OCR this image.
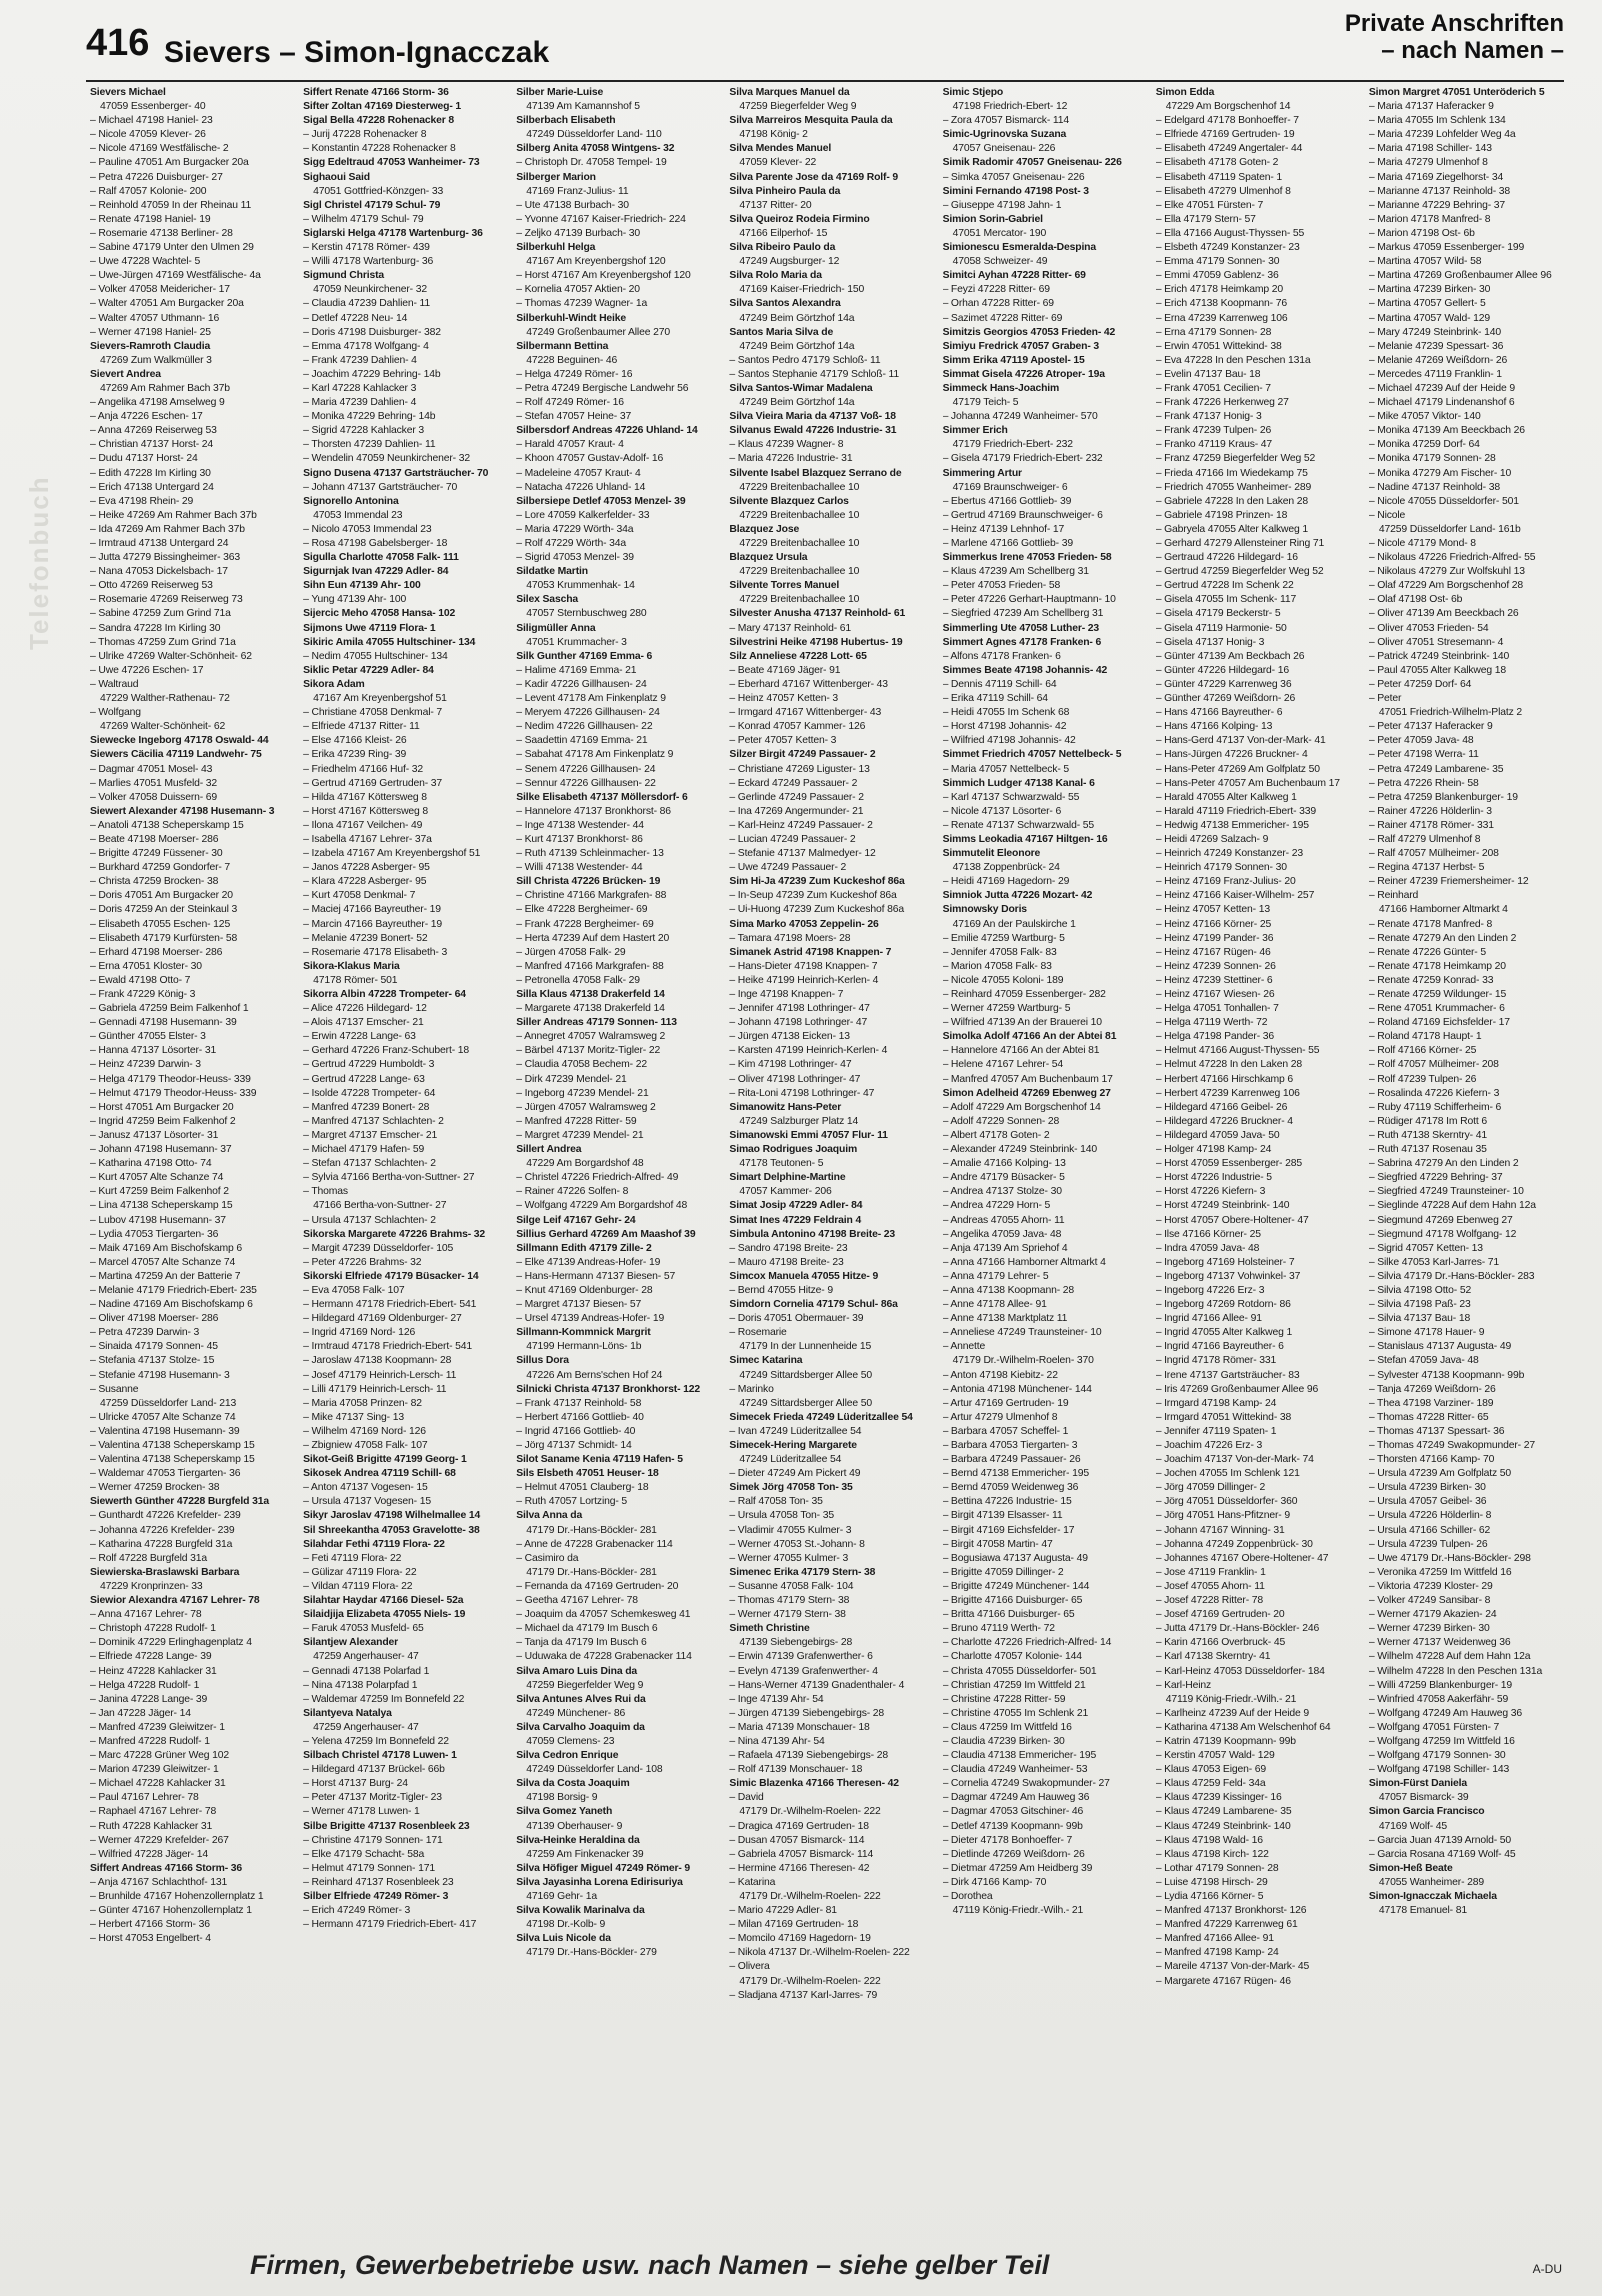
Telefonbuch
416 Sievers – Simon-Ignacczak
Private Anschriften
– nach Namen –
Sievers Michael
47059 Essenberger- 40
– Michael 47198 Haniel- 23
– Nicole 47059 Klever- 26
– Nicole 47169 Westfälische- 2
– Pauline 47051 Am Burgacker 20a
– Petra 47226 Duisburger- 27
– Ralf 47057 Kolonie- 200
– Reinhold 47059 In der Rheinau 11
– Renate 47198 Haniel- 19
– Rosemarie 47138 Berliner- 28
– Sabine 47179 Unter den Ulmen 29
– Uwe 47228 Wachtel- 5
– Uwe-Jürgen 47169 Westfälische- 4a
– Volker 47058 Meidericher- 17
– Walter 47051 Am Burgacker 20a
– Walter 47057 Uthmann- 16
– Werner 47198 Haniel- 25
Sievers-Ramroth Claudia
47269 Zum Walkmüller 3
Sievert Andrea
47269 Am Rahmer Bach 37b
– Angelika 47198 Amselweg 9
– Anja 47226 Eschen- 17
– Anna 47269 Reiserweg 53
– Christian 47137 Horst- 24
– Dudu 47137 Horst- 24
– Edith 47228 Im Kirling 30
– Erich 47138 Untergard 24
– Eva 47198 Rhein- 29
– Heike 47269 Am Rahmer Bach 37b
– Ida 47269 Am Rahmer Bach 37b
– Irmtraud 47138 Untergard 24
– Jutta 47279 Bissingheimer- 363
– Nana 47053 Dickelsbach- 17
– Otto 47269 Reiserweg 53
– Rosemarie 47269 Reiserweg 73
– Sabine 47259 Zum Grind 71a
– Sandra 47228 Im Kirling 30
– Thomas 47259 Zum Grind 71a
– Ulrike 47269 Walter-Schönheit- 62
– Uwe 47226 Eschen- 17
– Waltraud
47229 Walther-Rathenau- 72
– Wolfgang
47269 Walter-Schönheit- 62
Siewecke Ingeborg 47178 Oswald- 44
Siewers Cäcilia 47119 Landwehr- 75
– Dagmar 47051 Mosel- 43
– Marlies 47051 Musfeld- 32
– Volker 47058 Duissern- 69
Siewert Alexander 47198 Husemann- 3
– Anatoli 47138 Scheperskamp 15
– Beate 47198 Moerser- 286
– Brigitte 47249 Füssener- 30
– Burkhard 47259 Gondorfer- 7
– Christa 47259 Brocken- 38
– Doris 47051 Am Burgacker 20
– Doris 47259 An der Steinkaul 3
– Elisabeth 47055 Eschen- 125
– Elisabeth 47179 Kurfürsten- 58
– Erhard 47198 Moerser- 286
– Erna 47051 Kloster- 30
– Ewald 47198 Otto- 7
– Frank 47229 König- 3
– Gabriela 47259 Beim Falkenhof 1
– Gennadi 47198 Husemann- 39
– Günther 47055 Elster- 3
– Hanna 47137 Lösorter- 31
– Heinz 47239 Darwin- 3
– Helga 47179 Theodor-Heuss- 339
– Helmut 47179 Theodor-Heuss- 339
– Horst 47051 Am Burgacker 20
– Ingrid 47259 Beim Falkenhof 2
– Janusz 47137 Lösorter- 31
– Johann 47198 Husemann- 37
– Katharina 47198 Otto- 74
– Kurt 47057 Alte Schanze 74
– Kurt 47259 Beim Falkenhof 2
– Lina 47138 Scheperskamp 15
– Lubov 47198 Husemann- 37
– Lydia 47053 Tiergarten- 36
– Maik 47169 Am Bischofskamp 6
– Marcel 47057 Alte Schanze 74
– Martina 47259 An der Batterie 7
– Melanie 47179 Friedrich-Ebert- 235
– Nadine 47169 Am Bischofskamp 6
– Oliver 47198 Moerser- 286
– Petra 47239 Darwin- 3
– Sinaida 47179 Sonnen- 45
– Stefania 47137 Stolze- 15
– Stefanie 47198 Husemann- 3
– Susanne
47259 Düsseldorfer Land- 213
– Ulricke 47057 Alte Schanze 74
– Valentina 47198 Husemann- 39
– Valentina 47138 Scheperskamp 15
– Valentina 47138 Scheperskamp 15
– Waldemar 47053 Tiergarten- 36
– Werner 47259 Brocken- 38
Siewerth Günther 47228 Burgfeld 31a
– Gunthardt 47226 Krefelder- 239
– Johanna 47226 Krefelder- 239
– Katharina 47228 Burgfeld 31a
– Rolf 47228 Burgfeld 31a
Siewierska-Braslawski Barbara
47229 Kronprinzen- 33
Siewior Alexandra 47167 Lehrer- 78
– Anna 47167 Lehrer- 78
– Christoph 47228 Rudolf- 1
– Dominik 47229 Erlinghagenplatz 4
– Elfriede 47228 Lange- 39
– Heinz 47228 Kahlacker 31
– Helga 47228 Rudolf- 1
– Janina 47228 Lange- 39
– Jan 47228 Jäger- 14
– Manfred 47239 Gleiwitzer- 1
– Manfred 47228 Rudolf- 1
– Marc 47228 Grüner Weg 102
– Marion 47239 Gleiwitzer- 1
– Michael 47228 Kahlacker 31
– Paul 47167 Lehrer- 78
– Raphael 47167 Lehrer- 78
– Ruth 47228 Kahlacker 31
– Werner 47229 Krefelder- 267
– Wilfried 47228 Jäger- 14
Siffert Andreas 47166 Storm- 36
– Anja 47167 Schlachthof- 131
– Brunhilde 47167 Hohenzollernplatz 1
– Günter 47167 Hohenzollernplatz 1
– Herbert 47166 Storm- 36
– Horst 47053 Engelbert- 4
Siffert Renate 47166 Storm- 36
Sifter Zoltan 47169 Diesterweg- 1
Sigal Bella 47228 Rohenacker 8
– Jurij 47228 Rohenacker 8
– Konstantin 47228 Rohenacker 8
Sigg Edeltraud 47053 Wanheimer- 73
Sighaoui Said
47051 Gottfried-Könzgen- 33
Sigl Christel 47179 Schul- 79
– Wilhelm 47179 Schul- 79
Siglarski Helga 47178 Wartenburg- 36
– Kerstin 47178 Römer- 439
– Willi 47178 Wartenburg- 36
Sigmund Christa
47059 Neunkirchener- 32
– Claudia 47239 Dahlien- 11
– Detlef 47228 Neu- 14
– Doris 47198 Duisburger- 382
– Emma 47178 Wolfgang- 4
– Frank 47239 Dahlien- 4
– Joachim 47229 Behring- 14b
– Karl 47228 Kahlacker 3
– Maria 47239 Dahlien- 4
– Monika 47229 Behring- 14b
– Sigrid 47228 Kahlacker 3
– Thorsten 47239 Dahlien- 11
– Wendelin 47059 Neunkirchener- 32
Signo Dusena 47137 Gartsträucher- 70
– Johann 47137 Gartsträucher- 70
Signorello Antonina
47053 Immendal 23
– Nicolo 47053 Immendal 23
– Rosa 47198 Gabelsberger- 18
Sigulla Charlotte 47058 Falk- 111
Sigurnjak Ivan 47229 Adler- 84
Sihn Eun 47139 Ahr- 100
– Yung 47139 Ahr- 100
Sijercic Meho 47058 Hansa- 102
Sijmons Uwe 47119 Flora- 1
Sikiric Amila 47055 Hultschiner- 134
– Nedim 47055 Hultschiner- 134
Siklic Petar 47229 Adler- 84
Sikora Adam
47167 Am Kreyenbergshof 51
– Christiane 47058 Denkmal- 7
– Elfriede 47137 Ritter- 11
– Else 47166 Kleist- 26
– Erika 47239 Ring- 39
– Friedhelm 47166 Huf- 32
– Gertrud 47169 Gertruden- 37
– Hilda 47167 Köttersweg 8
– Horst 47167 Köttersweg 8
– Ilona 47167 Veilchen- 49
– Isabella 47167 Lehrer- 37a
– Izabela 47167 Am Kreyenbergshof 51
– Janos 47228 Asberger- 95
– Klara 47228 Asberger- 95
– Kurt 47058 Denkmal- 7
– Maciej 47166 Bayreuther- 19
– Marcin 47166 Bayreuther- 19
– Melanie 47239 Bonert- 52
– Rosemarie 47178 Elisabeth- 3
Sikora-Klakus Maria
47178 Römer- 501
Sikorra Albin 47228 Trompeter- 64
– Alice 47226 Hildegard- 12
– Alois 47137 Emscher- 21
– Erwin 47228 Lange- 63
– Gerhard 47226 Franz-Schubert- 18
– Gertrud 47229 Humboldt- 3
– Gertrud 47228 Lange- 63
– Isolde 47228 Trompeter- 64
– Manfred 47239 Bonert- 28
– Manfred 47137 Schlachten- 2
– Margret 47137 Emscher- 21
– Michael 47179 Hafen- 59
– Stefan 47137 Schlachten- 2
– Sylvia 47166 Bertha-von-Suttner- 27
– Thomas
47166 Bertha-von-Suttner- 27
– Ursula 47137 Schlachten- 2
Sikorska Margarete 47226 Brahms- 32
– Margit 47239 Düsseldorfer- 105
– Peter 47226 Brahms- 32
Sikorski Elfriede 47179 Büsacker- 14
– Eva 47058 Falk- 107
– Hermann 47178 Friedrich-Ebert- 541
– Hildegard 47169 Oldenburger- 27
– Ingrid 47169 Nord- 126
– Irmtraud 47178 Friedrich-Ebert- 541
– Jaroslaw 47138 Koopmann- 28
– Josef 47179 Heinrich-Lersch- 11
– Lilli 47179 Heinrich-Lersch- 11
– Maria 47058 Prinzen- 82
– Mike 47137 Sing- 13
– Wilhelm 47169 Nord- 126
– Zbigniew 47058 Falk- 107
Sikot-Geiß Brigitte 47199 Georg- 1
Sikosek Andrea 47119 Schill- 68
– Anton 47137 Vogesen- 15
– Ursula 47137 Vogesen- 15
Sikyr Jaroslav 47198 Wilhelmallee 14
Sil Shreekantha 47053 Gravelotte- 38
Silahdar Fethi 47119 Flora- 22
– Feti 47119 Flora- 22
– Gülizar 47119 Flora- 22
– Vildan 47119 Flora- 22
Silahtar Haydar 47166 Diesel- 52a
Silaidjija Elizabeta 47055 Niels- 19
– Faruk 47053 Musfeld- 65
Silantjew Alexander
47259 Angerhauser- 47
– Gennadi 47138 Polarfad 1
– Nina 47138 Polarpfad 1
– Waldemar 47259 Im Bonnefeld 22
Silantyeva Natalya
47259 Angerhauser- 47
– Yelena 47259 Im Bonnefeld 22
Silbach Christel 47178 Luwen- 1
– Hildegard 47137 Brückel- 66b
– Horst 47137 Burg- 24
– Peter 47137 Moritz-Tigler- 23
– Werner 47178 Luwen- 1
Silbe Brigitte 47137 Rosenbleek 23
– Christine 47179 Sonnen- 171
– Elke 47179 Schacht- 58a
– Helmut 47179 Sonnen- 171
– Reinhard 47137 Rosenbleek 23
Silber Elfriede 47249 Römer- 3
– Erich 47249 Römer- 3
– Hermann 47179 Friedrich-Ebert- 417
Silber Marie-Luise
47139 Am Kamannshof 5
Silberbach Elisabeth
47249 Düsseldorfer Land- 110
Silberg Anita 47058 Wintgens- 32
– Christoph Dr. 47058 Tempel- 19
Silberger Marion
47169 Franz-Julius- 11
– Ute 47138 Burbach- 30
– Yvonne 47167 Kaiser-Friedrich- 224
– Zeljko 47139 Burbach- 30
Silberkuhl Helga
47167 Am Kreyenbergshof 120
– Horst 47167 Am Kreyenbergshof 120
– Kornelia 47057 Aktien- 20
– Thomas 47239 Wagner- 1a
Silberkuhl-Windt Heike
47249 Großenbaumer Allee 270
Silbermann Bettina
47228 Beguinen- 46
– Helga 47249 Römer- 16
– Petra 47249 Bergische Landwehr 56
– Rolf 47249 Römer- 16
– Stefan 47057 Heine- 37
Silbersdorf Andreas 47226 Uhland- 14
– Harald 47057 Kraut- 4
– Khoon 47057 Gustav-Adolf- 16
– Madeleine 47057 Kraut- 4
– Natacha 47226 Uhland- 14
Silbersiepe Detlef 47053 Menzel- 39
– Lore 47059 Kalkerfelder- 33
– Maria 47229 Wörth- 34a
– Rolf 47229 Wörth- 34a
– Sigrid 47053 Menzel- 39
Sildatke Martin
47053 Krummenhak- 14
Silex Sascha
47057 Sternbuschweg 280
Siligmüller Anna
47051 Krummacher- 3
Silk Gunther 47169 Emma- 6
– Halime 47169 Emma- 21
– Kadir 47226 Gillhausen- 24
– Levent 47178 Am Finkenplatz 9
– Meryem 47226 Gillhausen- 24
– Nedim 47226 Gillhausen- 22
– Saadettin 47169 Emma- 21
– Sabahat 47178 Am Finkenplatz 9
– Senem 47226 Gillhausen- 24
– Sennur 47226 Gillhausen- 22
Silke Elisabeth 47137 Möllersdorf- 6
– Hannelore 47137 Bronkhorst- 86
– Inge 47138 Westender- 44
– Kurt 47137 Bronkhorst- 86
– Ruth 47139 Schleinmacher- 13
– Willi 47138 Westender- 44
Sill Christa 47226 Brücken- 19
– Christine 47166 Markgrafen- 88
– Elke 47228 Bergheimer- 69
– Frank 47228 Bergheimer- 69
– Herta 47239 Auf dem Hastert 20
– Jürgen 47058 Falk- 29
– Manfred 47166 Markgrafen- 88
– Petronella 47058 Falk- 29
Silla Klaus 47138 Drakerfeld 14
– Margarete 47138 Drakerfeld 14
Siller Andreas 47179 Sonnen- 113
– Annegret 47057 Walramsweg 2
– Bärbel 47137 Moritz-Tigler- 22
– Claudia 47058 Bechem- 22
– Dirk 47239 Mendel- 21
– Ingeborg 47239 Mendel- 21
– Jürgen 47057 Walramsweg 2
– Manfred 47228 Ritter- 59
– Margret 47239 Mendel- 21
Sillert Andrea
47229 Am Borgardshof 48
– Christel 47226 Friedrich-Alfred- 49
– Rainer 47226 Solfen- 8
– Wolfgang 47229 Am Borgardshof 48
Silge Leif 47167 Gehr- 24
Sillius Gerhard 47269 Am Maashof 39
Sillmann Edith 47179 Zille- 2
– Elke 47139 Andreas-Hofer- 19
– Hans-Hermann 47137 Biesen- 57
– Knut 47169 Oldenburger- 28
– Margret 47137 Biesen- 57
– Ursel 47139 Andreas-Hofer- 19
Sillmann-Kommnick Margrit
47199 Hermann-Löns- 1b
Sillus Dora
47226 Am Berns'schen Hof 24
Silnicki Christa 47137 Bronkhorst- 122
– Frank 47137 Reinhold- 58
– Herbert 47166 Gottlieb- 40
– Ingrid 47166 Gottlieb- 40
– Jörg 47137 Schmidt- 14
Silot Saname Kenia 47119 Hafen- 5
Sils Elsbeth 47051 Heuser- 18
– Helmut 47051 Clauberg- 18
– Ruth 47057 Lortzing- 5
Silva Anna da
47179 Dr.-Hans-Böckler- 281
– Anne de 47228 Grabenacker 114
– Casimiro da
47179 Dr.-Hans-Böckler- 281
– Fernanda da 47169 Gertruden- 20
– Geetha 47167 Lehrer- 78
– Joaquim da 47057 Schemkesweg 41
– Michael da 47179 Im Busch 6
– Tanja da 47179 Im Busch 6
– Uduwaka de 47228 Grabenacker 114
Silva Amaro Luis Dina da
47259 Biegerfelder Weg 9
Silva Antunes Alves Rui da
47249 Münchener- 86
Silva Carvalho Joaquim da
47059 Clemens- 23
Silva Cedron Enrique
47249 Düsseldorfer Land- 108
Silva da Costa Joaquim
47198 Borsig- 9
Silva Gomez Yaneth
47139 Oberhauser- 9
Silva-Heinke Heraldina da
47259 Am Finkenacker 39
Silva Höfiger Miguel 47249 Römer- 9
Silva Jayasinha Lorena Edirisuriya
47169 Gehr- 1a
Silva Kowalik Marinalva da
47198 Dr.-Kolb- 9
Silva Luis Nicole da
47179 Dr.-Hans-Böckler- 279
Silva Marques Manuel da
47259 Biegerfelder Weg 9
Silva Marreiros Mesquita Paula da
47198 König- 2
Silva Mendes Manuel
47059 Klever- 22
Silva Parente Jose da 47169 Rolf- 9
Silva Pinheiro Paula da
47137 Ritter- 20
Silva Queiroz Rodeia Firmino
47166 Eilperhof- 15
Silva Ribeiro Paulo da
47249 Augsburger- 12
Silva Rolo Maria da
47169 Kaiser-Friedrich- 150
Silva Santos Alexandra
47249 Beim Görtzhof 14a
Santos Maria Silva de
47249 Beim Görtzhof 14a
– Santos Pedro 47179 Schloß- 11
– Santos Stephanie 47179 Schloß- 11
Silva Santos-Wimar Madalena
47249 Beim Görtzhof 14a
Silva Vieira Maria da 47137 Voß- 18
Silvanus Ewald 47226 Industrie- 31
– Klaus 47239 Wagner- 8
– Maria 47226 Industrie- 31
Silvente Isabel Blazquez Serrano de
47229 Breitenbachallee 10
Silvente Blazquez Carlos
47229 Breitenbachallee 10
Blazquez Jose
47229 Breitenbachallee 10
Blazquez Ursula
47229 Breitenbachallee 10
Silvente Torres Manuel
47229 Breitenbachallee 10
Silvester Anusha 47137 Reinhold- 61
– Mary 47137 Reinhold- 61
Silvestrini Heike 47198 Hubertus- 19
Silz Anneliese 47228 Lott- 65
– Beate 47169 Jäger- 91
– Eberhard 47167 Wittenberger- 43
– Heinz 47057 Ketten- 3
– Irmgard 47167 Wittenberger- 43
– Konrad 47057 Kammer- 126
– Peter 47057 Ketten- 3
Silzer Birgit 47249 Passauer- 2
– Christiane 47269 Liguster- 13
– Eckard 47249 Passauer- 2
– Gerlinde 47249 Passauer- 2
– Ina 47269 Angermunder- 21
– Karl-Heinz 47249 Passauer- 2
– Lucian 47249 Passauer- 2
– Stefanie 47137 Malmedyer- 12
– Uwe 47249 Passauer- 2
Sim Hi-Ja 47239 Zum Kuckeshof 86a
– In-Seup 47239 Zum Kuckeshof 86a
– Ui-Huong 47239 Zum Kuckeshof 86a
Sima Marko 47053 Zeppelin- 26
– Tamara 47198 Moers- 28
Simanek Astrid 47198 Knappen- 7
– Hans-Dieter 47198 Knappen- 7
– Heike 47199 Heinrich-Kerlen- 4
– Inge 47198 Knappen- 7
– Jennifer 47198 Lothringer- 47
– Johann 47198 Lothringer- 47
– Jürgen 47138 Eicken- 13
– Karsten 47199 Heinrich-Kerlen- 4
– Kim 47198 Lothringer- 47
– Oliver 47198 Lothringer- 47
– Rita-Loni 47198 Lothringer- 47
Simanowitz Hans-Peter
47249 Salzburger Platz 14
Simanowski Emmi 47057 Flur- 11
Simao Rodrigues Joaquim
47178 Teutonen- 5
Simart Delphine-Martine
47057 Kammer- 206
Simat Josip 47229 Adler- 84
Simat Ines 47229 Feldrain 4
Simbula Antonino 47198 Breite- 23
– Sandro 47198 Breite- 23
– Mauro 47198 Breite- 23
Simcox Manuela 47055 Hitze- 9
– Bernd 47055 Hitze- 9
Simdorn Cornelia 47179 Schul- 86a
– Doris 47051 Obermauer- 39
– Rosemarie
47179 In der Lunnenheide 15
Simec Katarina
47249 Sittardsberger Allee 50
– Marinko
47249 Sittardsberger Allee 50
Simecek Frieda 47249 Lüderitzallee 54
– Ivan 47249 Lüderitzallee 54
Simecek-Hering Margarete
47249 Lüderitzallee 54
– Dieter 47249 Am Pickert 49
Simek Jörg 47058 Ton- 35
– Ralf 47058 Ton- 35
– Ursula 47058 Ton- 35
– Vladimir 47055 Kulmer- 3
– Werner 47053 St.-Johann- 8
– Werner 47055 Kulmer- 3
Simenec Erika 47179 Stern- 38
– Susanne 47058 Falk- 104
– Thomas 47179 Stern- 38
– Werner 47179 Stern- 38
Simeth Christine
47139 Siebengebirgs- 28
– Erwin 47139 Grafenwerther- 6
– Evelyn 47139 Grafenwerther- 4
– Hans-Werner 47139 Gnadenthaler- 4
– Inge 47139 Ahr- 54
– Jürgen 47139 Siebengebirgs- 28
– Maria 47139 Monschauer- 18
– Nina 47139 Ahr- 54
– Rafaela 47139 Siebengebirgs- 28
– Rolf 47139 Monschauer- 18
Simic Blazenka 47166 Theresen- 42
– David
47179 Dr.-Wilhelm-Roelen- 222
– Dragica 47169 Gertruden- 18
– Dusan 47057 Bismarck- 114
– Gabriela 47057 Bismarck- 114
– Hermine 47166 Theresen- 42
– Katarina
47179 Dr.-Wilhelm-Roelen- 222
– Mario 47229 Adler- 81
– Milan 47169 Gertruden- 18
– Momcilo 47169 Hagedorn- 19
– Nikola 47137 Dr.-Wilhelm-Roelen- 222
– Olivera
47179 Dr.-Wilhelm-Roelen- 222
– Sladjana 47137 Karl-Jarres- 79
Simic Stjepo
47198 Friedrich-Ebert- 12
– Zora 47057 Bismarck- 114
Simic-Ugrinovska Suzana
47057 Gneisenau- 226
Simik Radomir 47057 Gneisenau- 226
– Simka 47057 Gneisenau- 226
Simini Fernando 47198 Post- 3
– Giuseppe 47198 Jahn- 1
Simion Sorin-Gabriel
47051 Mercator- 190
Simionescu Esmeralda-Despina
47058 Schweizer- 49
Simitci Ayhan 47228 Ritter- 69
– Feyzi 47228 Ritter- 69
– Orhan 47228 Ritter- 69
– Sazimet 47228 Ritter- 69
Simitzis Georgios 47053 Frieden- 42
Simiyu Fredrick 47057 Graben- 3
Simm Erika 47119 Apostel- 15
Simmat Gisela 47226 Atroper- 19a
Simmeck Hans-Joachim
47179 Teich- 5
– Johanna 47249 Wanheimer- 570
Simmer Erich
47179 Friedrich-Ebert- 232
– Gisela 47179 Friedrich-Ebert- 232
Simmering Artur
47169 Braunschweiger- 6
– Ebertus 47166 Gottlieb- 39
– Gertrud 47169 Braunschweiger- 6
– Heinz 47139 Lehnhof- 17
– Marlene 47166 Gottlieb- 39
Simmerkus Irene 47053 Frieden- 58
– Klaus 47239 Am Schellberg 31
– Peter 47053 Frieden- 58
– Peter 47226 Gerhart-Hauptmann- 10
– Siegfried 47239 Am Schellberg 31
Simmerling Ute 47058 Luther- 23
Simmert Agnes 47178 Franken- 6
– Alfons 47178 Franken- 6
Simmes Beate 47198 Johannis- 42
– Dennis 47119 Schill- 64
– Erika 47119 Schill- 64
– Heidi 47055 Im Schenk 68
– Horst 47198 Johannis- 42
– Wilfried 47198 Johannis- 42
Simmet Friedrich 47057 Nettelbeck- 5
– Maria 47057 Nettelbeck- 5
Simmich Ludger 47138 Kanal- 6
– Karl 47137 Schwarzwald- 55
– Nicole 47137 Lösorter- 6
– Renate 47137 Schwarzwald- 55
Simms Leokadia 47167 Hiltgen- 16
Simmutelit Eleonore
47138 Zoppenbrück- 24
– Heidi 47169 Hagedorn- 29
Simniok Jutta 47226 Mozart- 42
Simnowsky Doris
47169 An der Paulskirche 1
– Emilie 47259 Wartburg- 5
– Jennifer 47058 Falk- 83
– Marion 47058 Falk- 83
– Nicole 47055 Koloni- 189
– Reinhard 47059 Essenberger- 282
– Werner 47259 Wartburg- 5
– Wilfried 47139 An der Brauerei 10
Simolka Adolf 47166 An der Abtei 81
– Hannelore 47166 An der Abtei 81
– Helene 47167 Lehrer- 54
– Manfred 47057 Am Buchenbaum 17
Simon Adelheid 47269 Ebenweg 27
– Adolf 47229 Am Borgschenhof 14
– Adolf 47229 Sonnen- 28
– Albert 47178 Goten- 2
– Alexander 47249 Steinbrink- 140
– Amalie 47166 Kolping- 13
– Andre 47179 Büsacker- 5
– Andrea 47137 Stolze- 30
– Andrea 47229 Horn- 5
– Andreas 47055 Ahorn- 11
– Angelika 47059 Java- 48
– Anja 47139 Am Spriehof 4
– Anna 47166 Hamborner Altmarkt 4
– Anna 47179 Lehrer- 5
– Anna 47138 Koopmann- 28
– Anne 47178 Allee- 91
– Anne 47138 Marktplatz 11
– Anneliese 47249 Traunsteiner- 10
– Annette
47179 Dr.-Wilhelm-Roelen- 370
– Anton 47198 Kiebitz- 22
– Antonia 47198 Münchener- 144
– Artur 47169 Gertruden- 19
– Artur 47279 Ulmenhof 8
– Barbara 47057 Scheffel- 1
– Barbara 47053 Tiergarten- 3
– Barbara 47249 Passauer- 26
– Bernd 47138 Emmericher- 195
– Bernd 47059 Weidenweg 36
– Bettina 47226 Industrie- 15
– Birgit 47139 Elsasser- 11
– Birgit 47169 Eichsfelder- 17
– Birgit 47058 Martin- 47
– Bogusiawa 47137 Augusta- 49
– Brigitte 47059 Dillinger- 2
– Brigitte 47249 Münchener- 144
– Brigitte 47166 Duisburger- 65
– Britta 47166 Duisburger- 65
– Bruno 47119 Werth- 72
– Charlotte 47226 Friedrich-Alfred- 14
– Charlotte 47057 Kolonie- 144
– Christa 47055 Düsseldorfer- 501
– Christian 47259 Im Wittfeld 21
– Christine 47228 Ritter- 59
– Christine 47055 Im Schlenk 21
– Claus 47259 Im Wittfeld 16
– Claudia 47239 Birken- 30
– Claudia 47138 Emmericher- 195
– Claudia 47249 Wanheimer- 53
– Cornelia 47249 Swakopmunder- 27
– Dagmar 47249 Am Hauweg 36
– Dagmar 47053 Gitschiner- 46
– Detlef 47139 Koopmann- 99b
– Dieter 47178 Bonhoeffer- 7
– Dietlinde 47269 Weißdorn- 26
– Dietmar 47259 Am Heidberg 39
– Dirk 47166 Kamp- 70
– Dorothea
47119 König-Friedr.-Wilh.- 21
Simon Edda
47229 Am Borgschenhof 14
– Edelgard 47178 Bonhoeffer- 7
– Elfriede 47169 Gertruden- 19
– Elisabeth 47249 Angertaler- 44
– Elisabeth 47178 Goten- 2
– Elisabeth 47119 Spaten- 1
– Elisabeth 47279 Ulmenhof 8
– Elke 47051 Fürsten- 7
– Ella 47179 Stern- 57
– Ella 47166 August-Thyssen- 55
– Elsbeth 47249 Konstanzer- 23
– Emma 47179 Sonnen- 30
– Emmi 47059 Gablenz- 36
– Erich 47178 Heimkamp 20
– Erich 47138 Koopmann- 76
– Erna 47239 Karrenweg 106
– Erna 47179 Sonnen- 28
– Erwin 47051 Wittekind- 38
– Eva 47228 In den Peschen 131a
– Evelin 47137 Bau- 18
– Frank 47051 Cecilien- 7
– Frank 47226 Herkenweg 27
– Frank 47137 Honig- 3
– Frank 47239 Tulpen- 26
– Franko 47119 Kraus- 47
– Franz 47259 Biegerfelder Weg 52
– Frieda 47166 Im Wiedekamp 75
– Friedrich 47055 Wanheimer- 289
– Gabriele 47228 In den Laken 28
– Gabriele 47198 Prinzen- 18
– Gabryela 47055 Alter Kalkweg 1
– Gerhard 47279 Allensteiner Ring 71
– Gertraud 47226 Hildegard- 16
– Gertrud 47259 Biegerfelder Weg 52
– Gertrud 47228 Im Schenk 22
– Gisela 47055 Im Schenk- 117
– Gisela 47179 Beckerstr- 5
– Gisela 47119 Harmonie- 50
– Gisela 47137 Honig- 3
– Günter 47139 Am Beckbach 26
– Günter 47226 Hildegard- 16
– Günter 47229 Karrenweg 36
– Günther 47269 Weißdorn- 26
– Hans 47166 Bayreuther- 6
– Hans 47166 Kolping- 13
– Hans-Gerd 47137 Von-der-Mark- 41
– Hans-Jürgen 47226 Bruckner- 4
– Hans-Peter 47269 Am Golfplatz 50
– Hans-Peter 47057 Am Buchenbaum 17
– Harald 47055 Alter Kalkweg 1
– Harald 47119 Friedrich-Ebert- 339
– Hedwig 47138 Emmericher- 195
– Heidi 47269 Salzach- 9
– Heinrich 47249 Konstanzer- 23
– Heinrich 47179 Sonnen- 30
– Heinz 47169 Franz-Julius- 20
– Heinz 47166 Kaiser-Wilhelm- 257
– Heinz 47057 Ketten- 13
– Heinz 47166 Körner- 25
– Heinz 47199 Pander- 36
– Heinz 47167 Rügen- 46
– Heinz 47239 Sonnen- 26
– Heinz 47239 Stettiner- 6
– Heinz 47167 Wiesen- 26
– Helga 47051 Tonhallen- 7
– Helga 47119 Werth- 72
– Helga 47198 Pander- 36
– Helmut 47166 August-Thyssen- 55
– Helmut 47228 In den Laken 28
– Herbert 47166 Hirschkamp 6
– Herbert 47239 Karrenweg 106
– Hildegard 47166 Geibel- 26
– Hildegard 47226 Bruckner- 4
– Hildegard 47059 Java- 50
– Holger 47198 Kamp- 24
– Horst 47059 Essenberger- 285
– Horst 47226 Industrie- 5
– Horst 47226 Kiefern- 3
– Horst 47249 Steinbrink- 140
– Horst 47057 Obere-Holtener- 47
– Ilse 47166 Körner- 25
– Indra 47059 Java- 48
– Ingeborg 47169 Holsteiner- 7
– Ingeborg 47137 Vohwinkel- 37
– Ingeborg 47226 Erz- 3
– Ingeborg 47269 Rotdorn- 86
– Ingrid 47166 Allee- 91
– Ingrid 47055 Alter Kalkweg 1
– Ingrid 47166 Bayreuther- 6
– Ingrid 47178 Römer- 331
– Irene 47137 Gartsträucher- 83
– Iris 47269 Großenbaumer Allee 96
– Irmgard 47198 Kamp- 24
– Irmgard 47051 Wittekind- 38
– Jennifer 47119 Spaten- 1
– Joachim 47226 Erz- 3
– Joachim 47137 Von-der-Mark- 74
– Jochen 47055 Im Schlenk 121
– Jörg 47059 Dillinger- 2
– Jörg 47051 Düsseldorfer- 360
– Jörg 47051 Hans-Pfitzner- 9
– Johann 47167 Winning- 31
– Johanna 47249 Zoppenbrück- 30
– Johannes 47167 Obere-Holtener- 47
– Jose 47119 Franklin- 1
– Josef 47055 Ahorn- 11
– Josef 47228 Ritter- 78
– Josef 47169 Gertruden- 20
– Jutta 47179 Dr.-Hans-Böckler- 246
– Karin 47166 Overbruck- 45
– Karl 47138 Skerntry- 41
– Karl-Heinz 47053 Düsseldorfer- 184
– Karl-Heinz
47119 König-Friedr.-Wilh.- 21
– Karlheinz 47239 Auf der Heide 9
– Katharina 47138 Am Welschenhof 64
– Katrin 47139 Koopmann- 99b
– Kerstin 47057 Wald- 129
– Klaus 47053 Eigen- 69
– Klaus 47259 Feld- 34a
– Klaus 47239 Kissinger- 16
– Klaus 47249 Lambarene- 35
– Klaus 47249 Steinbrink- 140
– Klaus 47198 Wald- 16
– Klaus 47198 Kirch- 122
– Lothar 47179 Sonnen- 28
– Luise 47198 Hirsch- 29
– Lydia 47166 Körner- 5
– Manfred 47137 Bronkhorst- 126
– Manfred 47229 Karrenweg 61
– Manfred 47166 Allee- 91
– Manfred 47198 Kamp- 24
– Mareile 47137 Von-der-Mark- 45
– Margarete 47167 Rügen- 46
Simon Margret 47051 Unteröderich 5
– Maria 47137 Haferacker 9
– Maria 47055 Im Schlenk 134
– Maria 47239 Lohfelder Weg 4a
– Maria 47198 Schiller- 143
– Maria 47279 Ulmenhof 8
– Maria 47169 Ziegelhorst- 34
– Marianne 47137 Reinhold- 38
– Marianne 47229 Behring- 37
– Marion 47178 Manfred- 8
– Marion 47198 Ost- 6b
– Markus 47059 Essenberger- 199
– Martina 47057 Wild- 58
– Martina 47269 Großenbaumer Allee 96
– Martina 47239 Birken- 30
– Martina 47057 Gellert- 5
– Martina 47057 Wald- 129
– Mary 47249 Steinbrink- 140
– Melanie 47239 Spessart- 36
– Melanie 47269 Weißdorn- 26
– Mercedes 47119 Franklin- 1
– Michael 47239 Auf der Heide 9
– Michael 47179 Lindenanshof 6
– Mike 47057 Viktor- 140
– Monika 47139 Am Beeckbach 26
– Monika 47259 Dorf- 64
– Monika 47179 Sonnen- 28
– Monika 47279 Am Fischer- 10
– Nadine 47137 Reinhold- 38
– Nicole 47055 Düsseldorfer- 501
– Nicole
47259 Düsseldorfer Land- 161b
– Nicole 47179 Mond- 8
– Nikolaus 47226 Friedrich-Alfred- 55
– Nikolaus 47279 Zur Wolfskuhl 13
– Olaf 47229 Am Borgschenhof 28
– Olaf 47198 Ost- 6b
– Oliver 47139 Am Beeckbach 26
– Oliver 47053 Frieden- 54
– Oliver 47051 Stresemann- 4
– Patrick 47249 Steinbrink- 140
– Paul 47055 Alter Kalkweg 18
– Peter 47259 Dorf- 64
– Peter
47051 Friedrich-Wilhelm-Platz 2
– Peter 47137 Haferacker 9
– Peter 47059 Java- 48
– Peter 47198 Werra- 11
– Petra 47249 Lambarene- 35
– Petra 47226 Rhein- 58
– Petra 47259 Blankenburger- 19
– Rainer 47226 Hölderlin- 3
– Rainer 47178 Römer- 331
– Ralf 47279 Ulmenhof 8
– Ralf 47057 Mülheimer- 208
– Regina 47137 Herbst- 5
– Reiner 47239 Friemersheimer- 12
– Reinhard
47166 Hamborner Altmarkt 4
– Renate 47178 Manfred- 8
– Renate 47279 An den Linden 2
– Renate 47226 Günter- 5
– Renate 47178 Heimkamp 20
– Renate 47259 Konrad- 33
– Renate 47259 Wildunger- 15
– Rene 47051 Krummacher- 6
– Roland 47169 Eichsfelder- 17
– Roland 47178 Haupt- 1
– Rolf 47166 Körner- 25
– Rolf 47057 Mülheimer- 208
– Rolf 47239 Tulpen- 26
– Rosalinda 47226 Kiefern- 3
– Ruby 47119 Schifferheim- 6
– Rüdiger 47178 Im Rott 6
– Ruth 47138 Skerntry- 41
– Ruth 47137 Rosenau 35
– Sabrina 47279 An den Linden 2
– Siegfried 47229 Behring- 37
– Siegfried 47249 Traunsteiner- 10
– Sieglinde 47228 Auf dem Hahn 12a
– Siegmund 47269 Ebenweg 27
– Siegmund 47178 Wolfgang- 12
– Sigrid 47057 Ketten- 13
– Silke 47053 Karl-Jarres- 71
– Silvia 47179 Dr.-Hans-Böckler- 283
– Silvia 47198 Otto- 52
– Silvia 47198 Paß- 23
– Silvia 47137 Bau- 18
– Simone 47178 Hauer- 9
– Stanislaus 47137 Augusta- 49
– Stefan 47059 Java- 48
– Sylvester 47138 Koopmann- 99b
– Tanja 47269 Weißdorn- 26
– Thea 47198 Varziner- 189
– Thomas 47228 Ritter- 65
– Thomas 47137 Spessart- 36
– Thomas 47249 Swakopmunder- 27
– Thorsten 47166 Kamp- 70
– Ursula 47239 Am Golfplatz 50
– Ursula 47239 Birken- 30
– Ursula 47057 Geibel- 36
– Ursula 47226 Hölderlin- 8
– Ursula 47166 Schiller- 62
– Ursula 47239 Tulpen- 26
– Uwe 47179 Dr.-Hans-Böckler- 298
– Veronika 47259 Im Wittfeld 16
– Viktoria 47239 Kloster- 29
– Volker 47249 Sansibar- 8
– Werner 47179 Akazien- 24
– Werner 47239 Birken- 30
– Werner 47137 Weidenweg 36
– Wilhelm 47228 Auf dem Hahn 12a
– Wilhelm 47228 In den Peschen 131a
– Willi 47259 Blankenburger- 19
– Winfried 47058 Aakerfähr- 59
– Wolfgang 47249 Am Hauweg 36
– Wolfgang 47051 Fürsten- 7
– Wolfgang 47259 Im Wittfeld 16
– Wolfgang 47179 Sonnen- 30
– Wolfgang 47198 Schiller- 143
Simon-Fürst Daniela
47057 Bismarck- 39
Simon Garcia Francisco
47169 Wolf- 45
– Garcia Juan 47139 Arnold- 50
– Garcia Rosana 47169 Wolf- 45
Simon-Heß Beate
47055 Wanheimer- 289
Simon-Ignacczak Michaela
47178 Emanuel- 81
Firmen, Gewerbebetriebe usw. nach Namen – siehe gelber Teil	A-DU
